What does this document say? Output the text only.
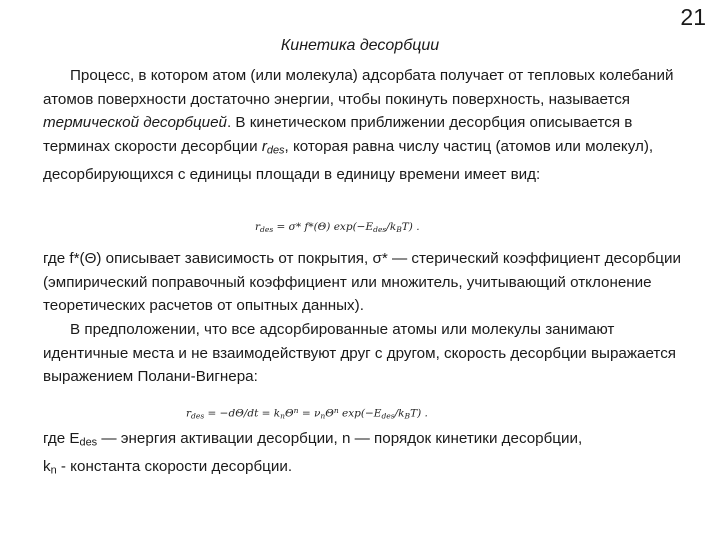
21
Кинетика десорбции
Процесс, в котором атом (или молекула) адсорбата получает от тепловых колебаний атомов поверхности достаточно энергии, чтобы покинуть поверхность, называется термической десорбцией. В кинетическом приближении десорбция описывается в терминах скорости десорбции $r_{des}$, которая равна числу частиц (атомов или молекул), десорбирующихся с единицы площади в единицу времени имеет вид:
$r_{des} = \sigma*$ f*(Θ) $\exp(-E_{des}/k_BT)$ .
где f*(Θ) описывает зависимость от покрытия, σ* — стерический коэффициент десорбции (эмпирический поправочный коэффициент или множитель, учитывающий отклонение теоретических расчетов от опытных данных).
В предположении, что все адсорбированные атомы или молекулы занимают идентичные места и не взаимодействуют друг с другом, скорость десорбции выражается выражением Полани-Вигнера:
$r_{des} = -d\Theta/dt = k_n\Theta^n = \nu_n\Theta^n$ $\exp(-E_{des}/k_BT)$ .
где $E_{des}$ — энергия активации десорбции, n — порядок кинетики десорбции,
$k_n$ - константа скорости десорбции.
